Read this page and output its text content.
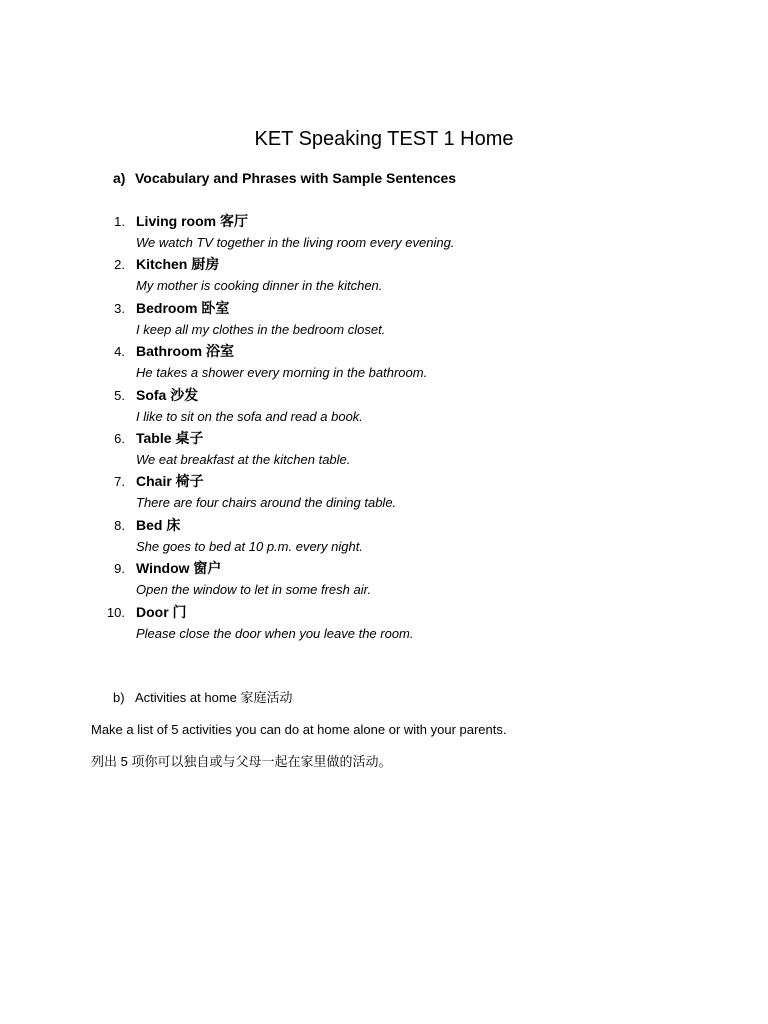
KET Speaking TEST 1 Home
a) Vocabulary and Phrases with Sample Sentences
1. Living room 客厅
We watch TV together in the living room every evening.
2. Kitchen 厨房
My mother is cooking dinner in the kitchen.
3. Bedroom 卧室
I keep all my clothes in the bedroom closet.
4. Bathroom 浴室
He takes a shower every morning in the bathroom.
5. Sofa 沙发
I like to sit on the sofa and read a book.
6. Table 桌子
We eat breakfast at the kitchen table.
7. Chair 椅子
There are four chairs around the dining table.
8. Bed 床
She goes to bed at 10 p.m. every night.
9. Window 窗户
Open the window to let in some fresh air.
10. Door 门
Please close the door when you leave the room.
b) Activities at home 家庭活动
Make a list of 5 activities you can do at home alone or with your parents.
列出 5 项你可以独自或与父母一起在家里做的活动。
